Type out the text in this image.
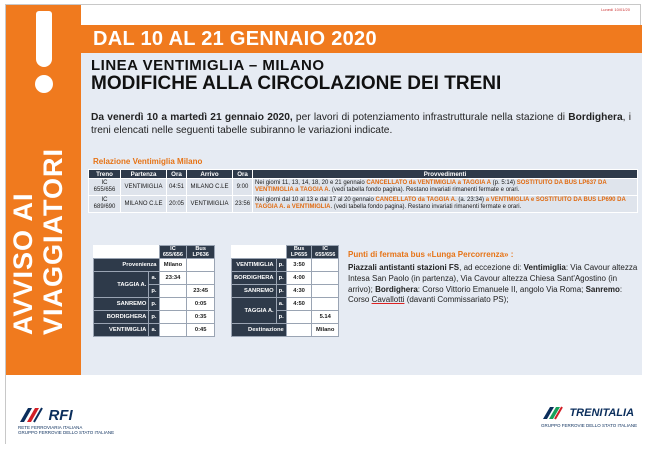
Lunedì 10/01/20
AVVISO AI VIAGGIATORI
DAL 10 AL 21 GENNAIO 2020
LINEA VENTIMIGLIA – MILANO
MODIFICHE ALLA CIRCOLAZIONE DEI TRENI
Da venerdì 10 a martedì 21 gennaio 2020, per lavori di potenziamento infrastrutturale nella stazione di Bordighera, i treni elencati nelle seguenti tabelle subiranno le variazioni indicate.
Relazione Ventimiglia Milano
Treno	Partenza	Ora	Arrivo	Ora	Provvedimenti
IC 655/656	VENTIMIGLIA	04:51	MILANO C.LE	9:00	Nei giorni 11, 13, 14, 18, 20 e 21 gennaio CANCELLATO da VENTIMIGLIA a TAGGIA A (p. 5:14) SOSTITUITO DA BUS LP637 DA VENTIMIGLIA a TAGGIA A. (vedi tabella fondo pagina). Restano invariati rimanenti fermate e orari.
IC 689/690	MILANO C.LE	20:05	VENTIMIGLIA	23:56	Nei giorni dal 10 al 13 e dal 17 al 20 gennaio CANCELLATO da TAGGIA A. (a. 23:34) a VENTIMIGLIA e SOSTITUITO DA BUS LP690 DA TAGGIA A. a VENTIMIGLIA. (vedi tabella fondo pagina). Restano invariati rimanenti fermate e orari.
		IC 655/656	Bus LP636
Provenienza		Milano	
TAGGIA A.	a.	23:34	
	p.		23:45
SANREMO	p.		0:05
BORDIGHERA	p.		0:35
VENTIMIGLIA	a.		0:45
		Bus LP655	IC 655/656
VENTIMIGLIA	p.	3:50	
BORDIGHERA	p.	4:00	
SANREMO	p.	4:30	
TAGGIA A.	a.	4:50	
	p.		5.14
Destinazione			Milano
Punti di fermata bus «Lunga Percorrenza» :
Piazzali antistanti stazioni FS, ad eccezione di: Ventimiglia: Via Cavour altezza Intesa San Paolo (in partenza), Via Cavour altezza Chiesa Sant'Agostino (in arrivo); Bordighera: Corso Vittorio Emanuele II, angolo Via Roma; Sanremo: Corso Cavallotti (davanti Commissariato PS);
RFI
RETE FERROVIARIA ITALIANA
GRUPPO FERROVIE DELLO STATO ITALIANE
TRENITALIA
GRUPPO FERROVIE DELLO STATO ITALIANE
